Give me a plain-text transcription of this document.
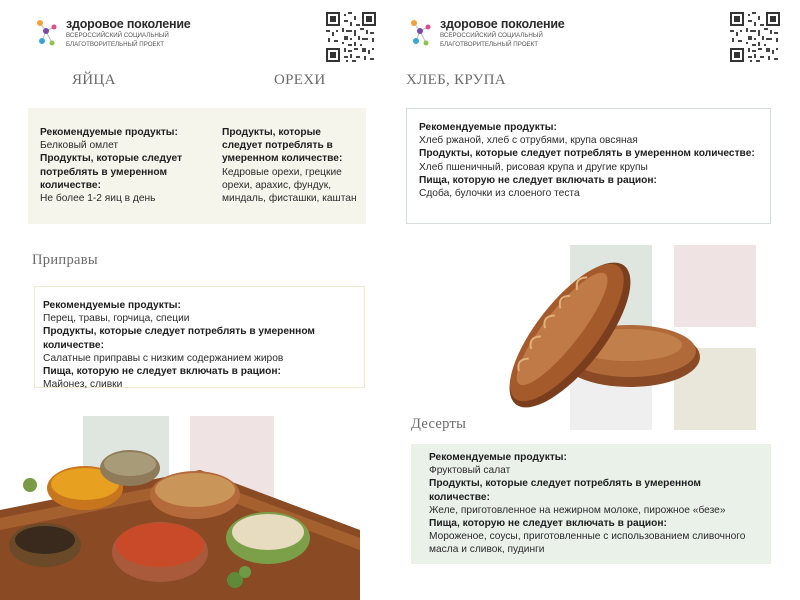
здоровое поколение
ВСЕРОССИЙСКИЙ СОЦИАЛЬНЫЙ
БЛАГОТВОРИТЕЛЬНЫЙ ПРОЕКТ
ЯЙЦА	ОРЕХИ

Рекомендуемые продукты:

Белковый омлет

Продукты, которые следует потреблять в умеренном количестве:

Не более 1-2 яиц в день

Продукты, которые следует потреблять в умеренном количестве:

Кедровые орехи, грецкие орехи, арахис, фундук, миндаль, фисташки, каштан

Приправы

Рекомендуемые продукты:

Перец, травы, горчица, специи

Продукты, которые следует потреблять в умеренном количестве:

Салатные приправы с низким содержанием жиров

Пища, которую не следует включать в рацион:

Майонез, сливки

здоровое поколение
ВСЕРОССИЙСКИЙ СОЦИАЛЬНЫЙ
БЛАГОТВОРИТЕЛЬНЫЙ ПРОЕКТ
ХЛЕБ, КРУПА

Рекомендуемые продукты:

Хлеб ржаной, хлеб с отрубями, крупа овсяная

Продукты, которые следует потреблять в умеренном количестве:

Хлеб пшеничный, рисовая крупа и другие крупы

Пища, которую не следует включать в рацион:

Сдоба, булочки из слоеного теста

Десерты

Рекомендуемые продукты:

Фруктовый салат

Продукты, которые следует потреблять в умеренном количестве:

Желе, приготовленное на нежирном молоке, пирожное «безе»

Пища, которую не следует включать в рацион:

Мороженое, соусы, приготовленные с использованием сливочного масла и сливок, пудинги
